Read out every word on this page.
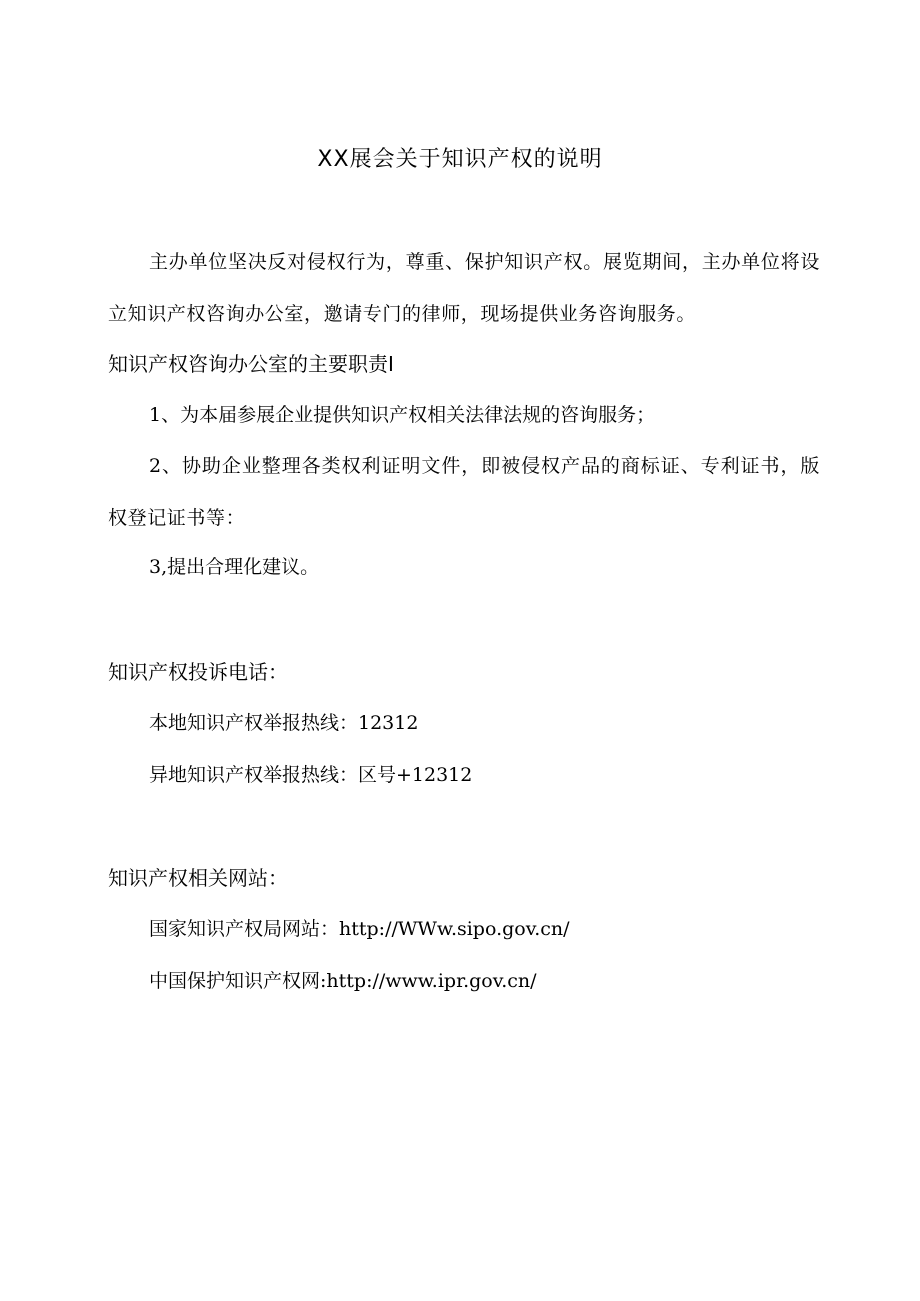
XX展会关于知识产权的说明

主办单位坚决反对侵权行为，尊重、保护知识产权。展览期间，主办单位将设立知识产权咨询办公室，邀请专门的律师，现场提供业务咨询服务。

知识产权咨询办公室的主要职责I

1、为本届参展企业提供知识产权相关法律法规的咨询服务；

2、协助企业整理各类权利证明文件，即被侵权产品的商标证、专利证书，版权登记证书等：

3,提出合理化建议。

知识产权投诉电话：

本地知识产权举报热线：12312

异地知识产权举报热线：区号+12312

知识产权相关网站：

国家知识产权局网站：http://WWw.sipo.gov.cn/

中国保护知识产权网:http://www.ipr.gov.cn/
